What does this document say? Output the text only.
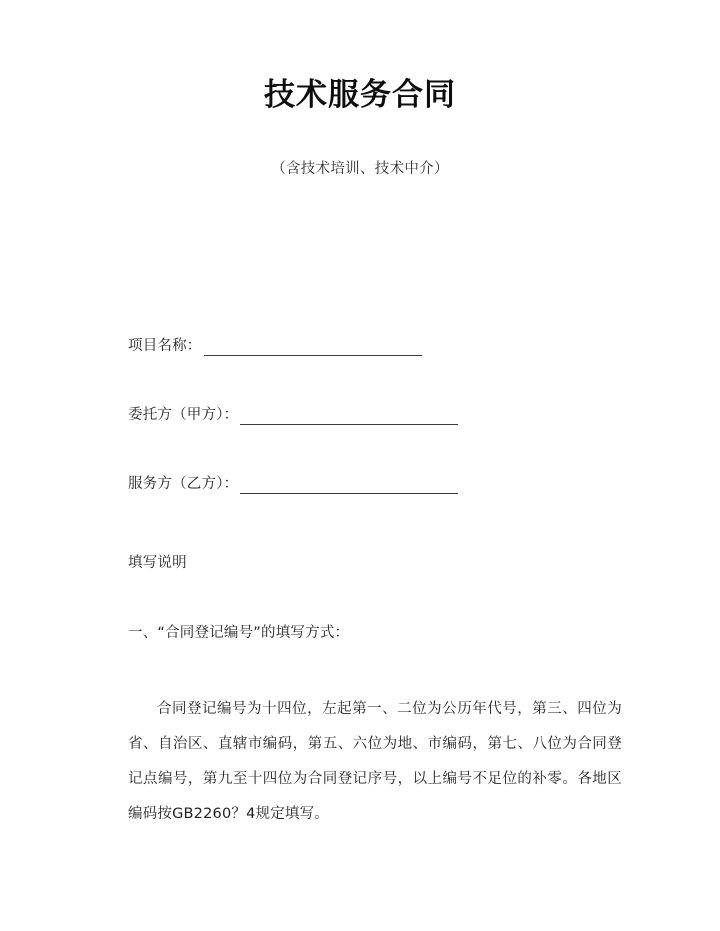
技术服务合同
（含技术培训、技术中介）
项目名称：
委托方（甲方）：
服务方（乙方）：
填写说明
一、“合同登记编号”的填写方式：
合同登记编号为十四位，左起第一、二位为公历年代号，第三、四位为省、自治区、直辖市编码，第五、六位为地、市编码，第七、八位为合同登记点编号，第九至十四位为合同登记序号，以上编号不足位的补零。各地区编码按GB2260？4规定填写。
